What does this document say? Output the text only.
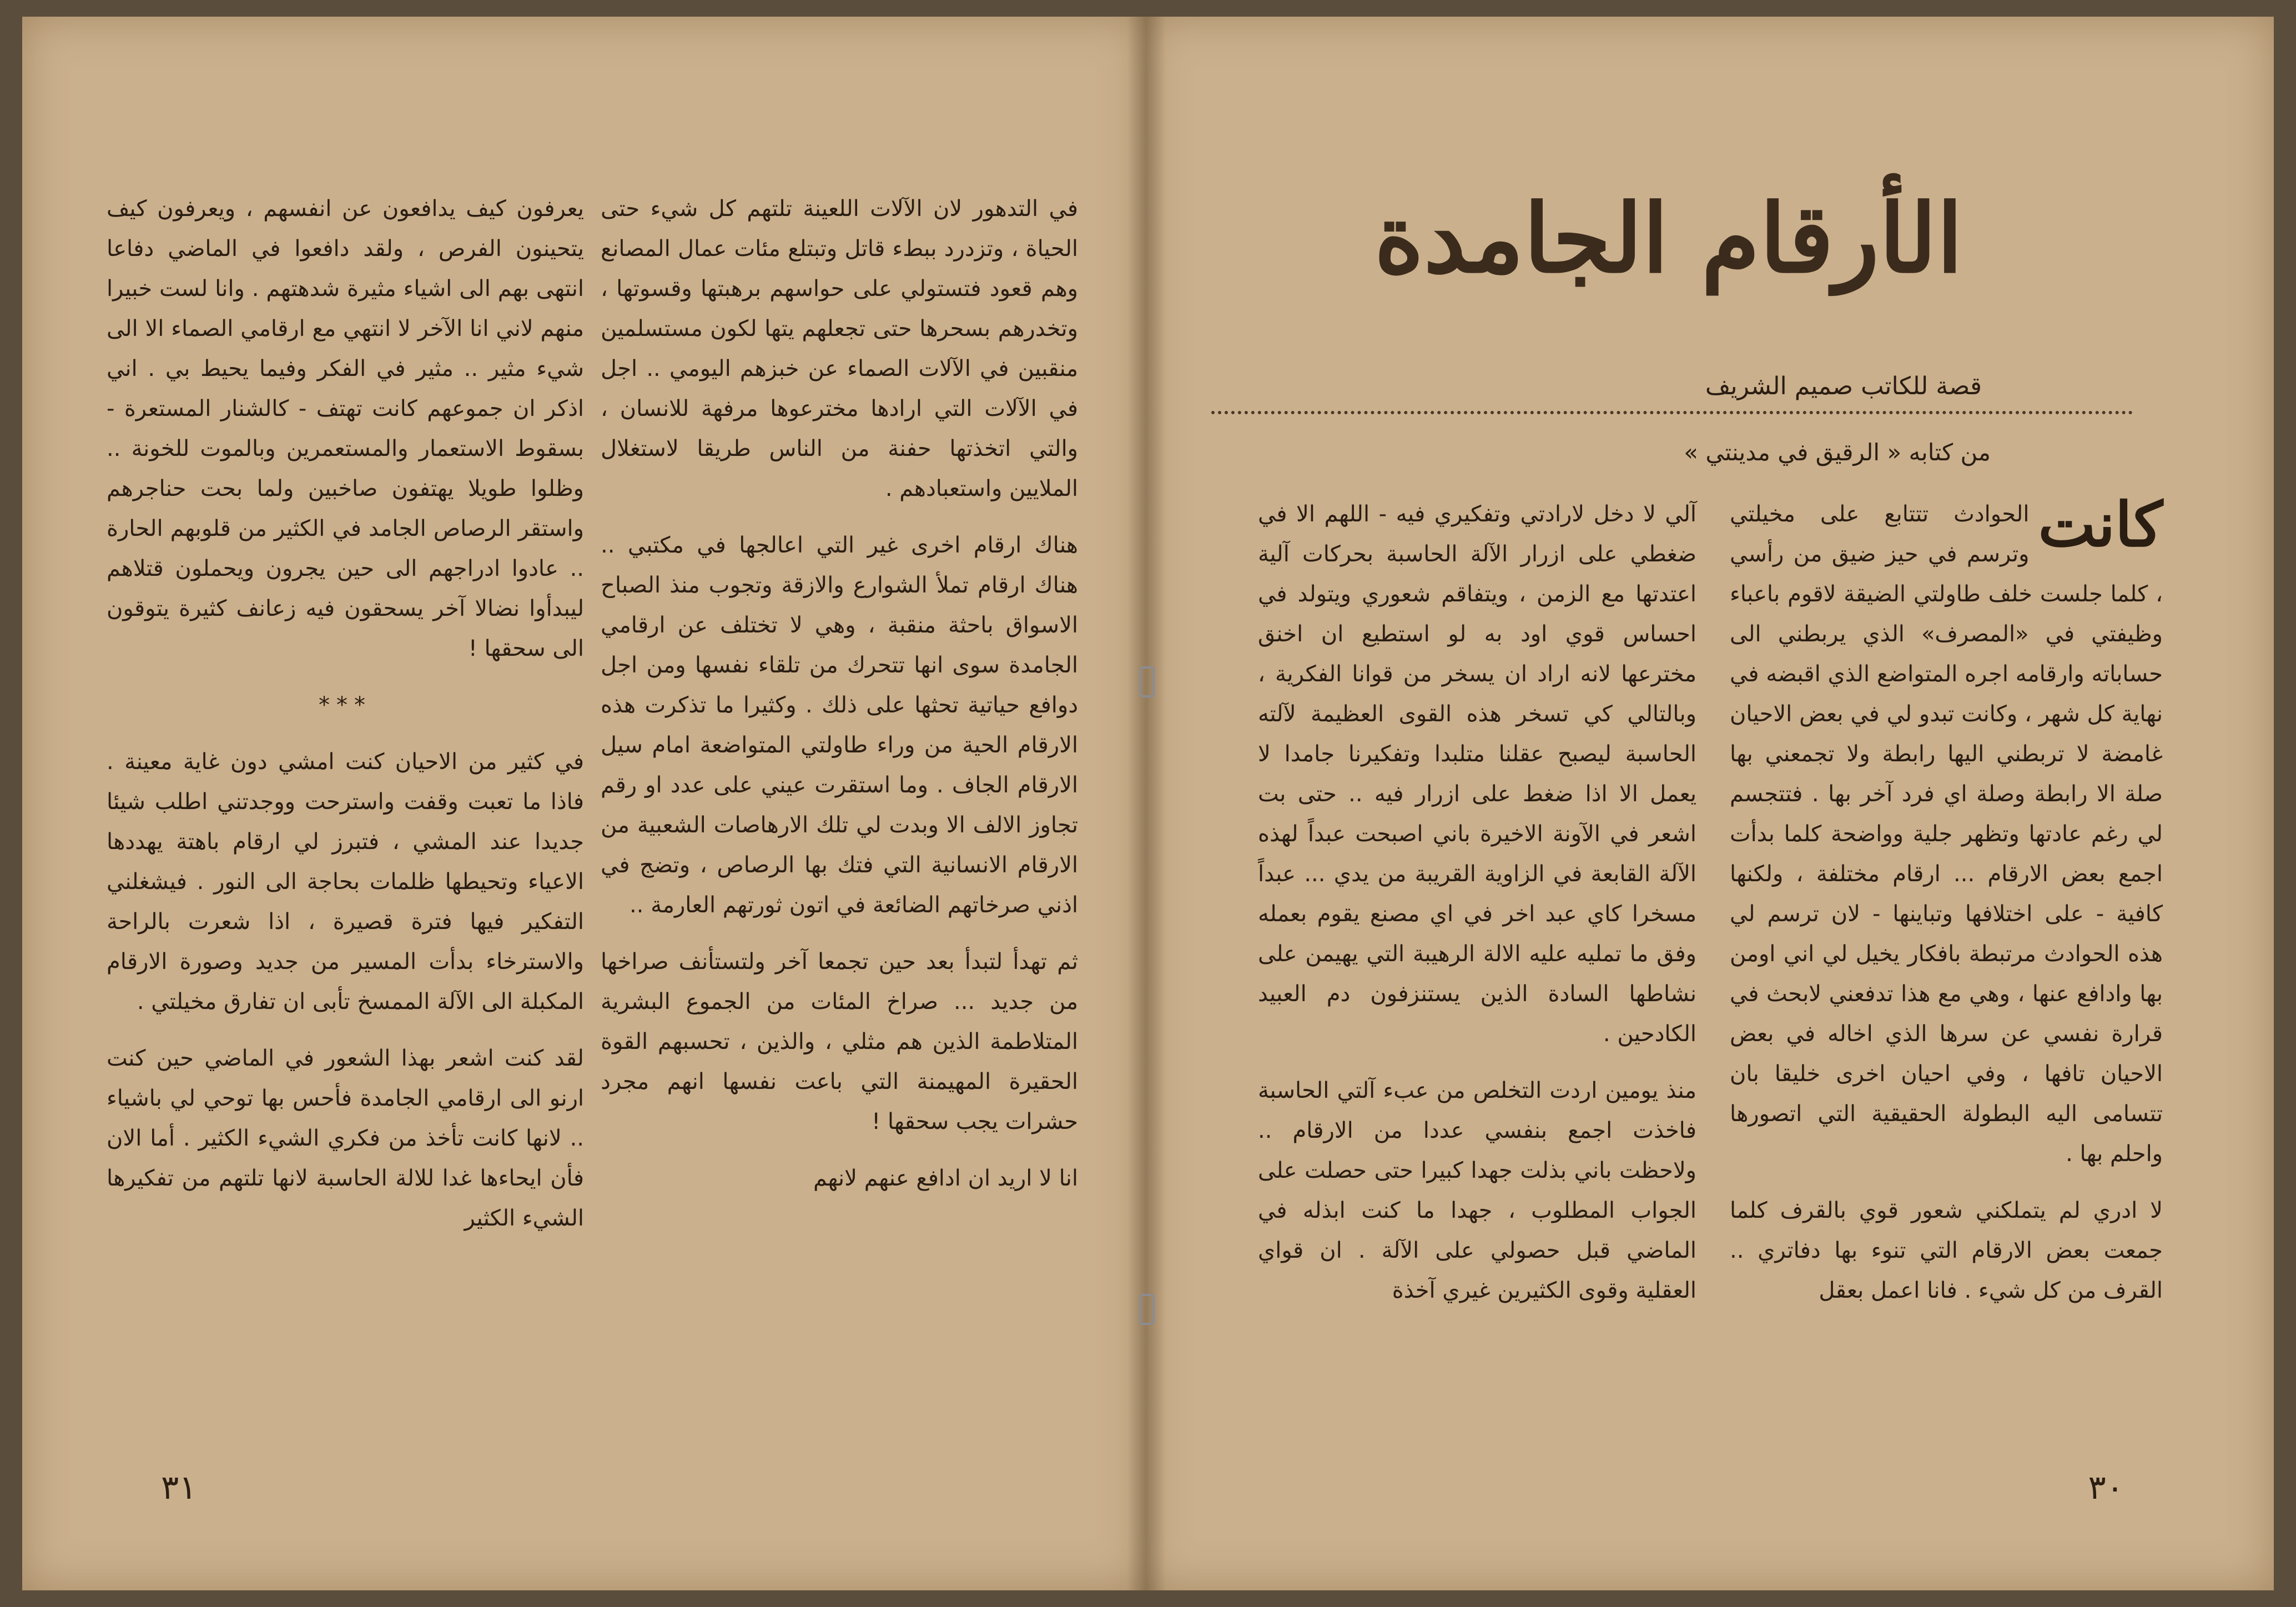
في التدهور لان الآلات اللعينة تلتهم كل شيء حتى الحياة ، وتزدرد ببطء قاتل وتبتلع مئات عمال المصانع وهم قعود فتستولي على حواسهم برهبتها وقسوتها ، وتخدرهم بسحرها حتى تجعلهم يتها لكون مستسلمين منقبين في الآلات الصماء عن خبزهم اليومي .. اجل في الآلات التي ارادها مخترعوها مرفهة للانسان ، والتي اتخذتها حفنة من الناس طريقا لاستغلال الملايين واستعبادهم .

هناك ارقام اخرى غير التي اعالجها في مكتبي .. هناك ارقام تملأ الشوارع والازقة وتجوب منذ الصباح الاسواق باحثة منقبة ، وهي لا تختلف عن ارقامي الجامدة سوى انها تتحرك من تلقاء نفسها ومن اجل دوافع حياتية تحثها على ذلك . وكثيرا ما تذكرت هذه الارقام الحية من وراء طاولتي المتواضعة امام سيل الارقام الجاف . وما استقرت عيني على عدد او رقم تجاوز الالف الا وبدت لي تلك الارهاصات الشعبية من الارقام الانسانية التي فتك بها الرصاص ، وتضج في اذني صرخاتهم الضائعة في اتون ثورتهم العارمة ..

ثم تهدأ لتبدأ بعد حين تجمعا آخر ولتستأنف صراخها من جديد ... صراخ المئات من الجموع البشرية المتلاطمة الذين هم مثلي ، والذين ، تحسبهم القوة الحقيرة المهيمنة التي باعت نفسها انهم مجرد حشرات يجب سحقها !

انا لا اريد ان ادافع عنهم لانهم

يعرفون كيف يدافعون عن انفسهم ، ويعرفون كيف يتحينون الفرص ، ولقد دافعوا في الماضي دفاعا انتهى بهم الى اشياء مثيرة شدهتهم . وانا لست خبيرا منهم لاني انا الآخر لا انتهي مع ارقامي الصماء الا الى شيء مثير .. مثير في الفكر وفيما يحيط بي . اني اذكر ان جموعهم كانت تهتف - كالشنار المستعرة - بسقوط الاستعمار والمستعمرين وبالموت للخونة .. وظلوا طويلا يهتفون صاخبين ولما بحت حناجرهم واستقر الرصاص الجامد في الكثير من قلوبهم الحارة .. عادوا ادراجهم الى حين يجرون ويحملون قتلاهم ليبدأوا نضالا آخر يسحقون فيه زعانف كثيرة يتوقون الى سحقها !

***

في كثير من الاحيان كنت امشي دون غاية معينة . فاذا ما تعبت وقفت واسترحت ووجدتني اطلب شيئا جديدا عند المشي ، فتبرز لي ارقام باهتة يهددها الاعياء وتحيطها ظلمات بحاجة الى النور . فيشغلني التفكير فيها فترة قصيرة ، اذا شعرت بالراحة والاسترخاء بدأت المسير من جديد وصورة الارقام المكبلة الى الآلة الممسخ تأبى ان تفارق مخيلتي .

لقد كنت اشعر بهذا الشعور في الماضي حين كنت ارنو الى ارقامي الجامدة فأحس بها توحي لي باشياء .. لانها كانت تأخذ من فكري الشيء الكثير . أما الان فأن ايحاءها غدا للالة الحاسبة لانها تلتهم من تفكيرها الشيء الكثير

٣١
الأرقام الجامدة
قصة للكاتب صميم الشريف
من كتابه « الرقيق في مدينتي »

كانت
الحوادث تتتابع على مخيلتي وترسم في حيز ضيق من رأسي ، كلما جلست خلف طاولتي الضيقة لاقوم باعباء وظيفتي في «المصرف» الذي يربطني الى حساباته وارقامه اجره المتواضع الذي اقبضه في نهاية كل شهر ، وكانت تبدو لي في بعض الاحيان غامضة لا تربطني اليها رابطة ولا تجمعني بها صلة الا رابطة وصلة اي فرد آخر بها . فتتجسم لي رغم عادتها وتظهر جلية وواضحة كلما بدأت اجمع بعض الارقام ... ارقام مختلفة ، ولكنها كافية - على اختلافها وتباينها - لان ترسم لي هذه الحوادث مرتبطة بافكار يخيل لي اني اومن بها وادافع عنها ، وهي مع هذا تدفعني لابحث في قرارة نفسي عن سرها الذي اخاله في بعض الاحيان تافها ، وفي احيان اخرى خليقا بان تتسامى اليه البطولة الحقيقية التي اتصورها واحلم بها .

لا ادري لم يتملكني شعور قوي بالقرف كلما جمعت بعض الارقام التي تنوء بها دفاتري .. القرف من كل شيء . فانا اعمل بعقل

آلي لا دخل لارادتي وتفكيري فيه - اللهم الا في ضغطي على ازرار الآلة الحاسبة بحركات آلية اعتدتها مع الزمن ، ويتفاقم شعوري ويتولد في احساس قوي اود به لو استطيع ان اخنق مخترعها لانه اراد ان يسخر من قوانا الفكرية ، وبالتالي كي تسخر هذه القوى العظيمة لآلته الحاسبة ليصبح عقلنا متلبدا وتفكيرنا جامدا لا يعمل الا اذا ضغط على ازرار فيه .. حتى بت اشعر في الآونة الاخيرة باني اصبحت عبداً لهذه الآلة القابعة في الزاوية القريبة من يدي ... عبداً مسخرا كاي عبد اخر في اي مصنع يقوم بعمله وفق ما تمليه عليه الالة الرهيبة التي يهيمن على نشاطها السادة الذين يستنزفون دم العبيد الكادحين .

منذ يومين اردت التخلص من عبء آلتي الحاسبة فاخذت اجمع بنفسي عددا من الارقام .. ولاحظت باني بذلت جهدا كبيرا حتى حصلت على الجواب المطلوب ، جهدا ما كنت ابذله في الماضي قبل حصولي على الآلة . ان قواي العقلية وقوى الكثيرين غيري آخذة

٣٠
